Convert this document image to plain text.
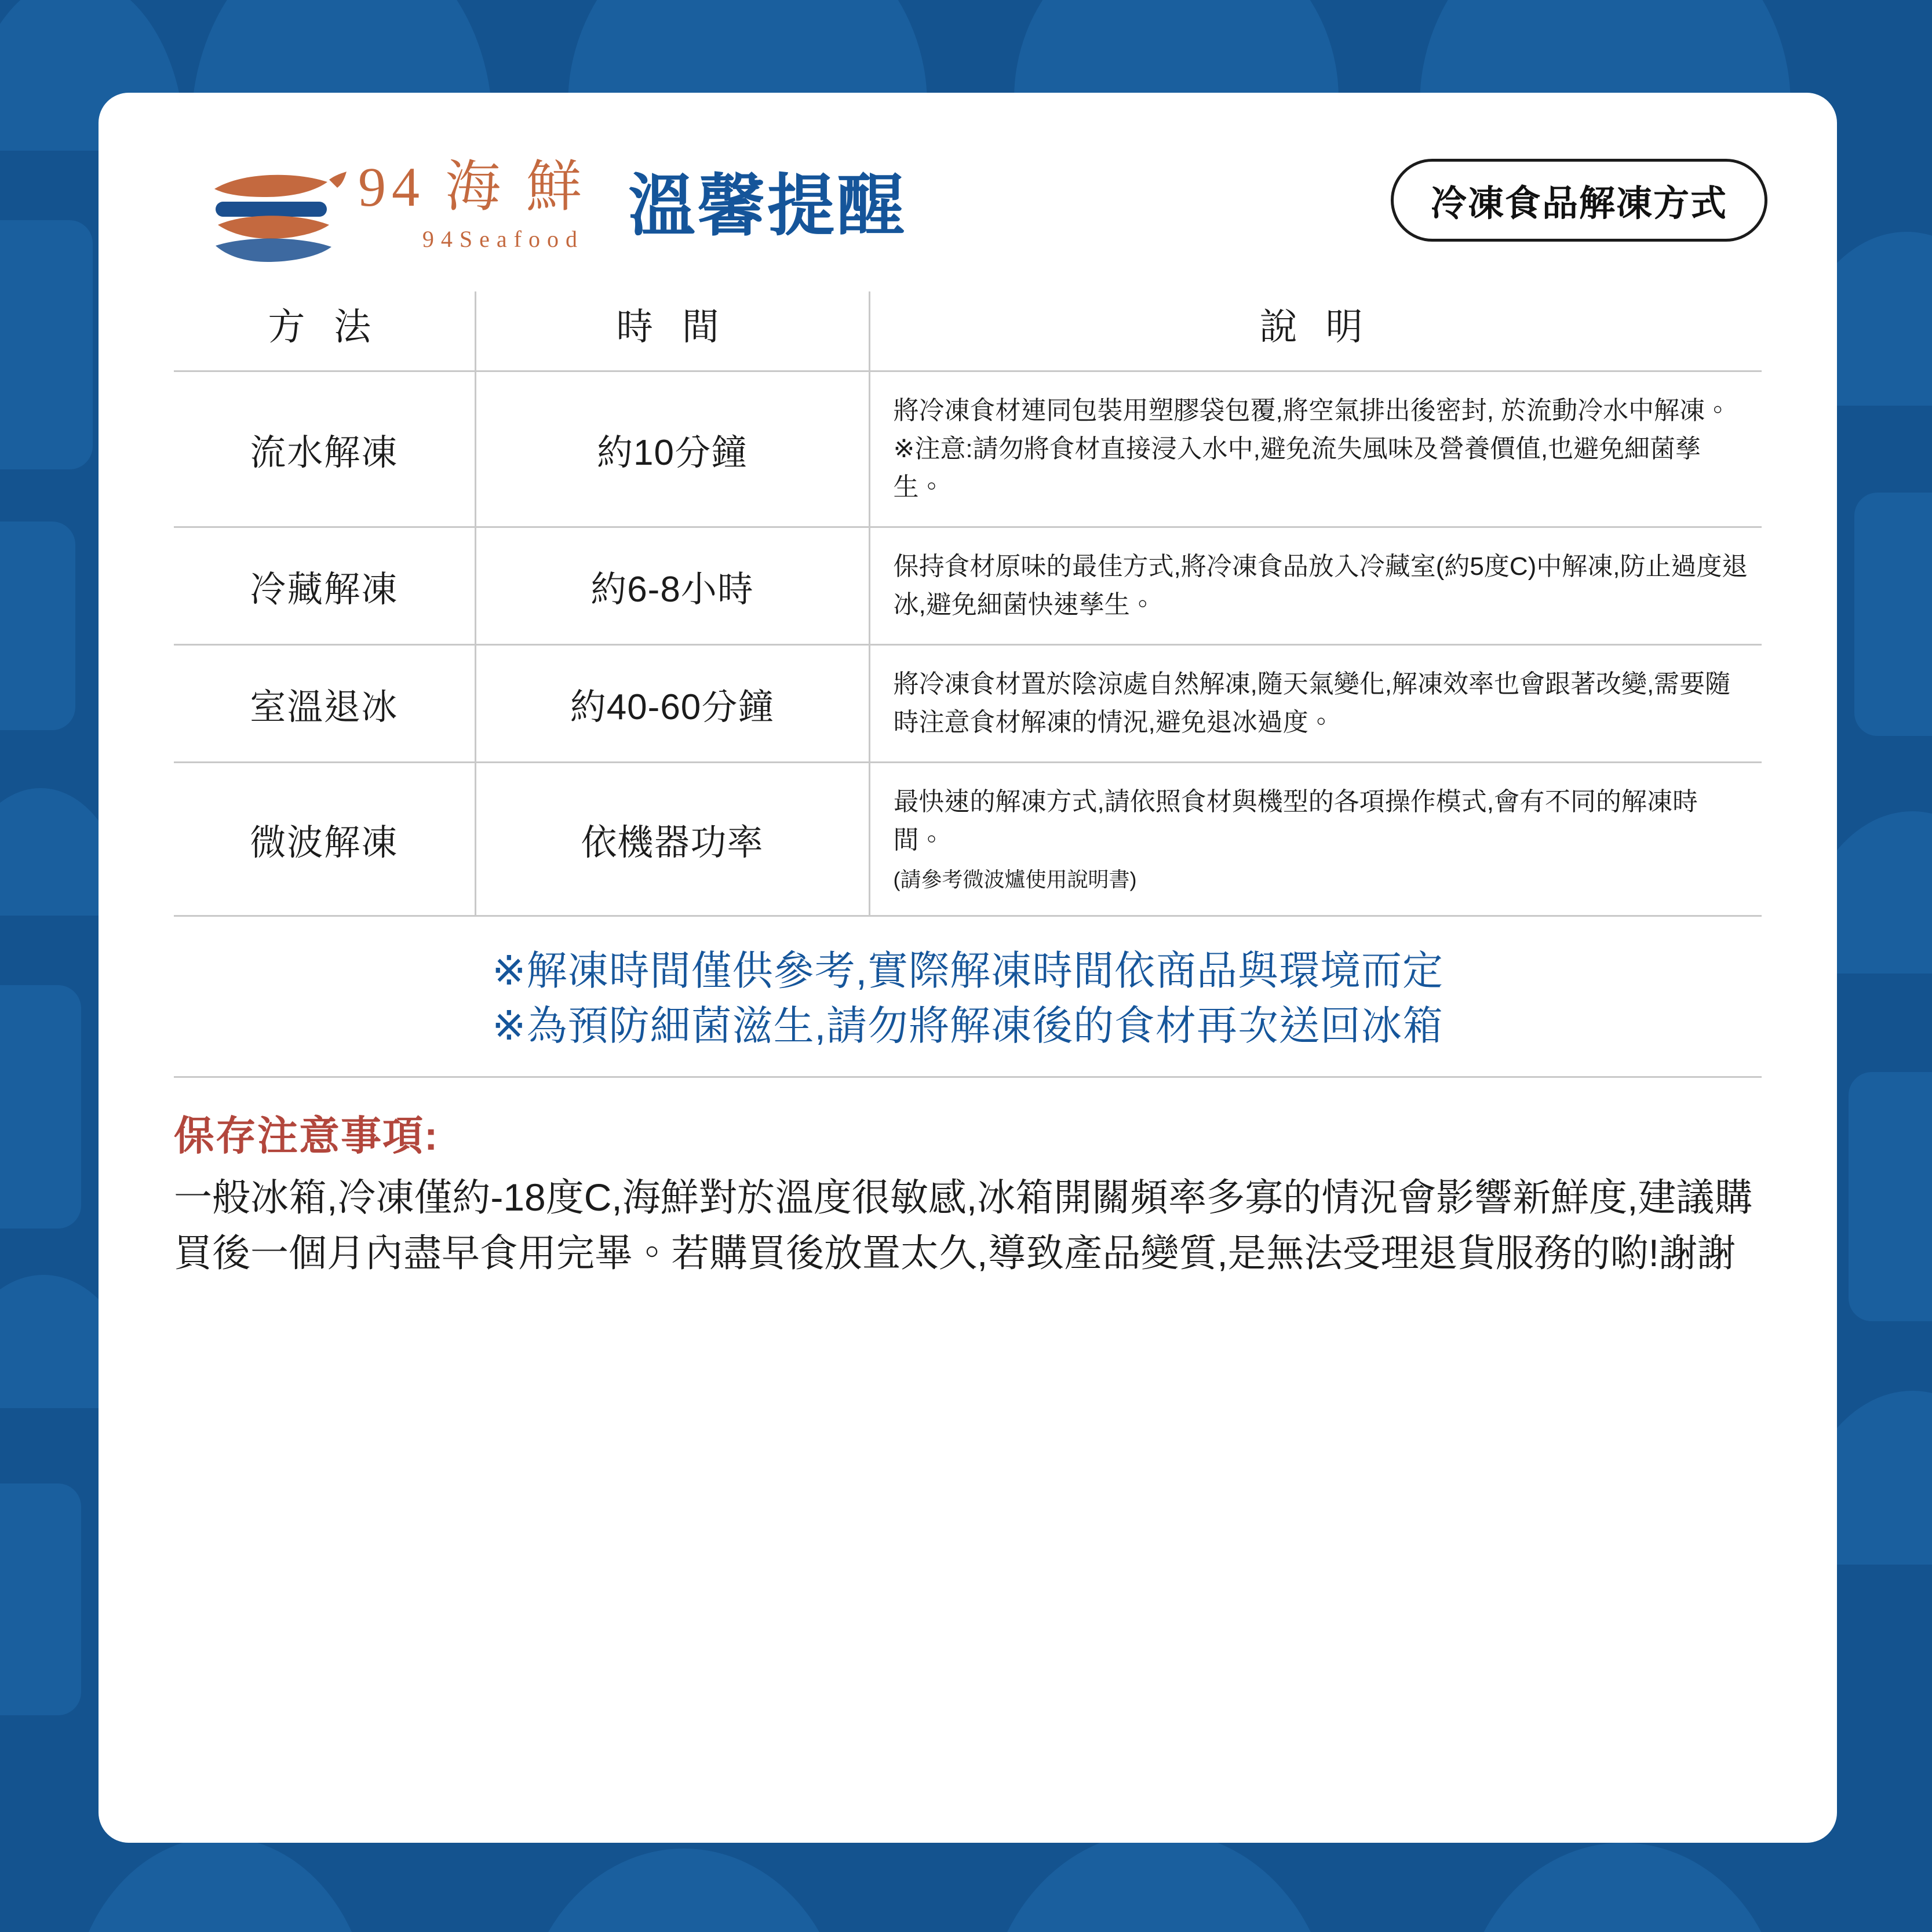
94 海 鮮
94Seafood 溫馨提醒	冷凍食品解凍方式
方 法	時 間	說 明
流水解凍	約10分鐘	將冷凍食材連同包裝用塑膠袋包覆,將空氣排出後密封, 於流動冷水中解凍。 ※注意:請勿將食材直接浸入水中,避免流失風味及營養價值,也避免細菌孳生。
冷藏解凍	約6-8小時	保持食材原味的最佳方式,將冷凍食品放入冷藏室(約5度C)中解凍,防止過度退冰,避免細菌快速孳生。
室溫退冰	約40-60分鐘	將冷凍食材置於陰涼處自然解凍,隨天氣變化,解凍效率也會跟著改變,需要隨時注意食材解凍的情況,避免退冰過度。
微波解凍	依機器功率	最快速的解凍方式,請依照食材與機型的各項操作模式,會有不同的解凍時間。
(請參考微波爐使用說明書)

※解凍時間僅供參考,實際解凍時間依商品與環境而定

※為預防細菌滋生,請勿將解凍後的食材再次送回冰箱

保存注意事項:

一般冰箱,冷凍僅約-18度C,海鮮對於溫度很敏感,冰箱開關頻率多寡的情況會影響新鮮度,建議購買後一個月內盡早食用完畢。若購買後放置太久,導致產品變質,是無法受理退貨服務的喲!謝謝
